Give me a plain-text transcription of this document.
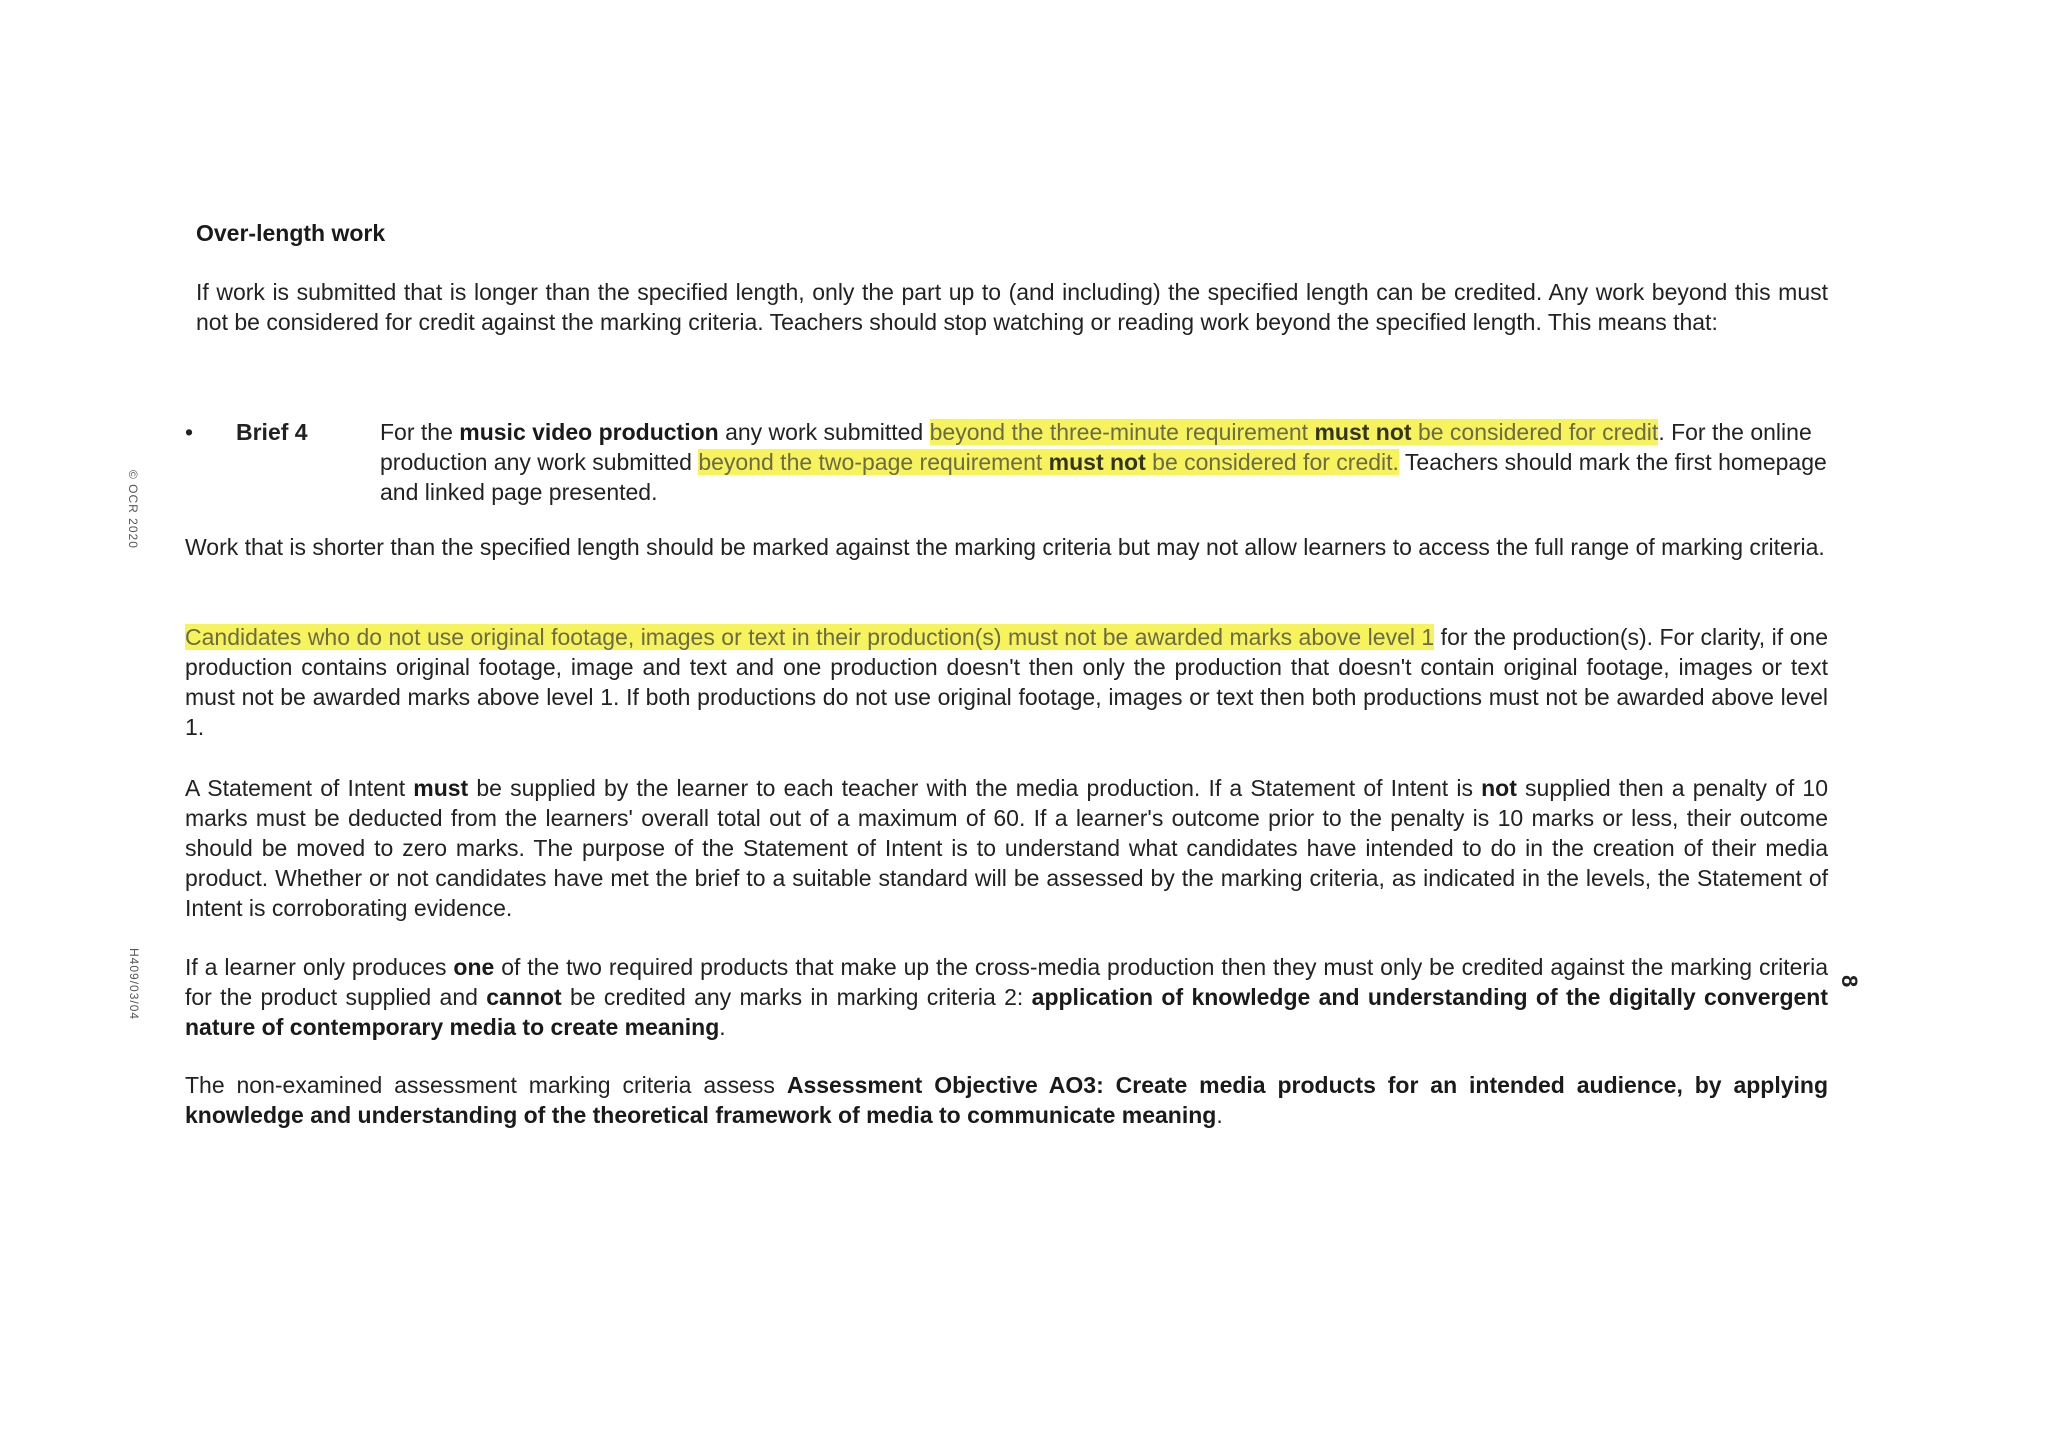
Over-length work
If work is submitted that is longer than the specified length, only the part up to (and including) the specified length can be credited. Any work beyond this must not be considered for credit against the marking criteria. Teachers should stop watching or reading work beyond the specified length. This means that:
• Brief 4	For the music video production any work submitted beyond the three-minute requirement must not be considered for credit. For the online production any work submitted beyond the two-page requirement must not be considered for credit. Teachers should mark the first homepage and linked page presented.
Work that is shorter than the specified length should be marked against the marking criteria but may not allow learners to access the full range of marking criteria.
Candidates who do not use original footage, images or text in their production(s) must not be awarded marks above level 1 for the production(s). For clarity, if one production contains original footage, image and text and one production doesn't then only the production that doesn't contain original footage, images or text must not be awarded marks above level 1. If both productions do not use original footage, images or text then both productions must not be awarded above level 1.
A Statement of Intent must be supplied by the learner to each teacher with the media production. If a Statement of Intent is not supplied then a penalty of 10 marks must be deducted from the learners' overall total out of a maximum of 60. If a learner's outcome prior to the penalty is 10 marks or less, their outcome should be moved to zero marks. The purpose of the Statement of Intent is to understand what candidates have intended to do in the creation of their media product. Whether or not candidates have met the brief to a suitable standard will be assessed by the marking criteria, as indicated in the levels, the Statement of Intent is corroborating evidence.
If a learner only produces one of the two required products that make up the cross-media production then they must only be credited against the marking criteria for the product supplied and cannot be credited any marks in marking criteria 2: application of knowledge and understanding of the digitally convergent nature of contemporary media to create meaning.
The non-examined assessment marking criteria assess Assessment Objective AO3: Create media products for an intended audience, by applying knowledge and understanding of the theoretical framework of media to communicate meaning.
© OCR 2020
H409/03/04	8
